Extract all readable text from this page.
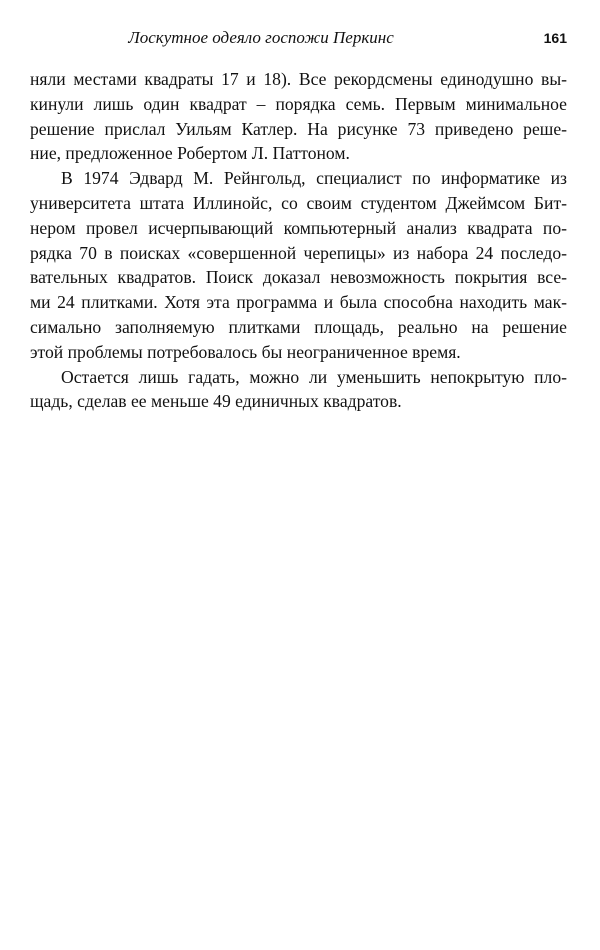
Лоскутное одеяло госпожи Перкинс	161
няли местами квадраты 17 и 18). Все рекордсмены единодушно вы-
кинули лишь один квадрат – порядка семь. Первым минимальное
решение прислал Уильям Катлер. На рисунке 73 приведено реше-
ние, предложенное Робертом Л. Паттоном.
В 1974 Эдвард М. Рейнгольд, специалист по информатике из
университета штата Иллинойс, со своим студентом Джеймсом Бит-
нером провел исчерпывающий компьютерный анализ квадрата по-
рядка 70 в поисках «совершенной черепицы» из набора 24 последо-
вательных квадратов. Поиск доказал невозможность покрытия все-
ми 24 плитками. Хотя эта программа и была способна находить мак-
симально заполняемую плитками площадь, реально на решение
этой проблемы потребовалось бы неограниченное время.
Остается лишь гадать, можно ли уменьшить непокрытую пло-
щадь, сделав ее меньше 49 единичных квадратов.
